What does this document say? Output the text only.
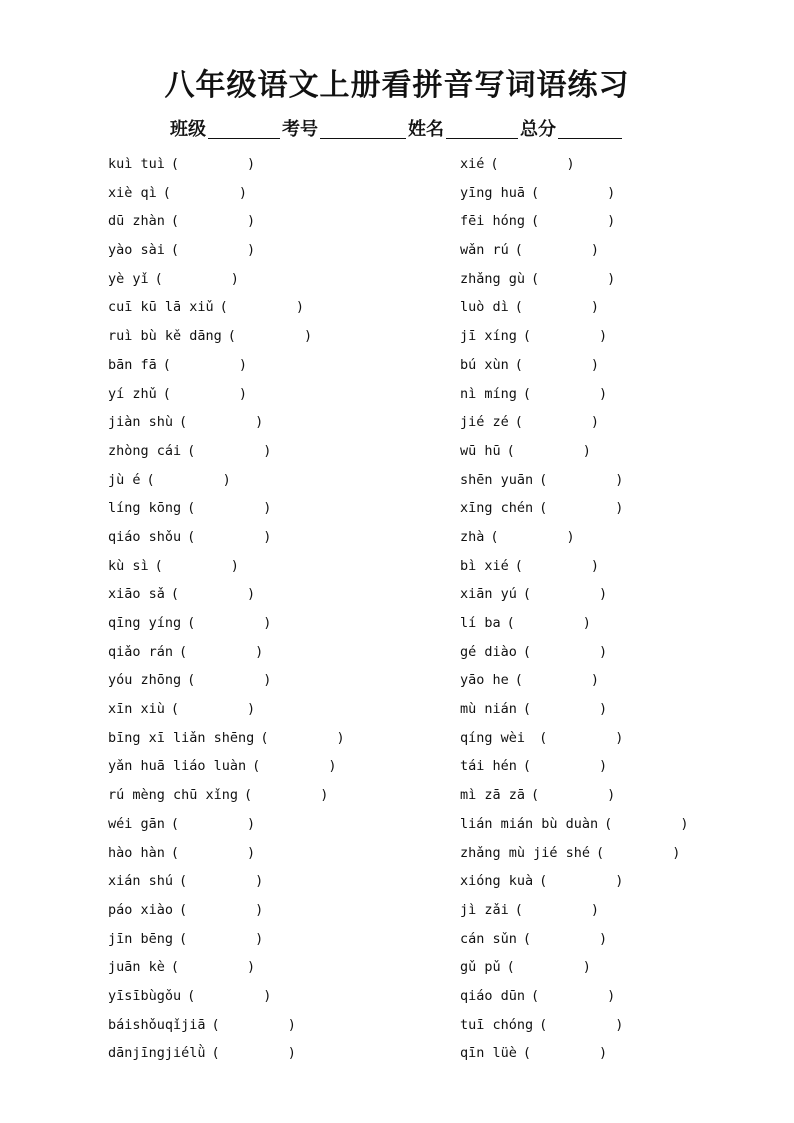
八年级语文上册看拼音写词语练习
班级	考号	姓名	总分
kuì tuì (	)
xiè qì (	)
dū zhàn (	)
yào sài (	)
yè yǐ (	)
cuī kū lā xiǔ (	)
ruì bù kě dāng (	)
bān fā (	)
yí zhǔ (	)
jiàn shù (	)
zhòng cái (	)
jù é (	)
líng kōng (	)
qiáo shǒu (	)
kù sì (	)
xiāo sǎ (	)
qīng yíng (	)
qiǎo rán (	)
yóu zhōng (	)
xīn xiù (	)
bīng xī liǎn shēng (	)
yǎn huā liáo luàn (	)
rú mèng chū xǐng (	)
wéi gān (	)
hào hàn (	)
xián shú (	)
páo xiào (	)
jīn bēng (	)
juān kè (	)
yīsībùgǒu (	)
báishǒuqǐjiā (	)
dānjīngjiélǜ (	)
xié (	)
yīng huā (	)
fēi hóng (	)
wǎn rú (	)
zhǎng gù (	)
luò dì (	)
jī xíng (	)
bú xùn (	)
nì míng (	)
jié zé (	)
wū hū (	)
shēn yuān (	)
xīng chén (	)
zhà (	)
bì xié (	)
xiān yú (	)
lí ba (	)
gé diào (	)
yāo he (	)
mù nián (	)
qíng wèi (	)
tái hén (	)
mì zā zā (	)
lián mián bù duàn (	)
zhǎng mù jié shé (	)
xióng kuà (	)
jì zǎi (	)
cán sǔn (	)
gǔ pǔ (	)
qiáo dūn (	)
tuī chóng (	)
qīn lüè (	)
